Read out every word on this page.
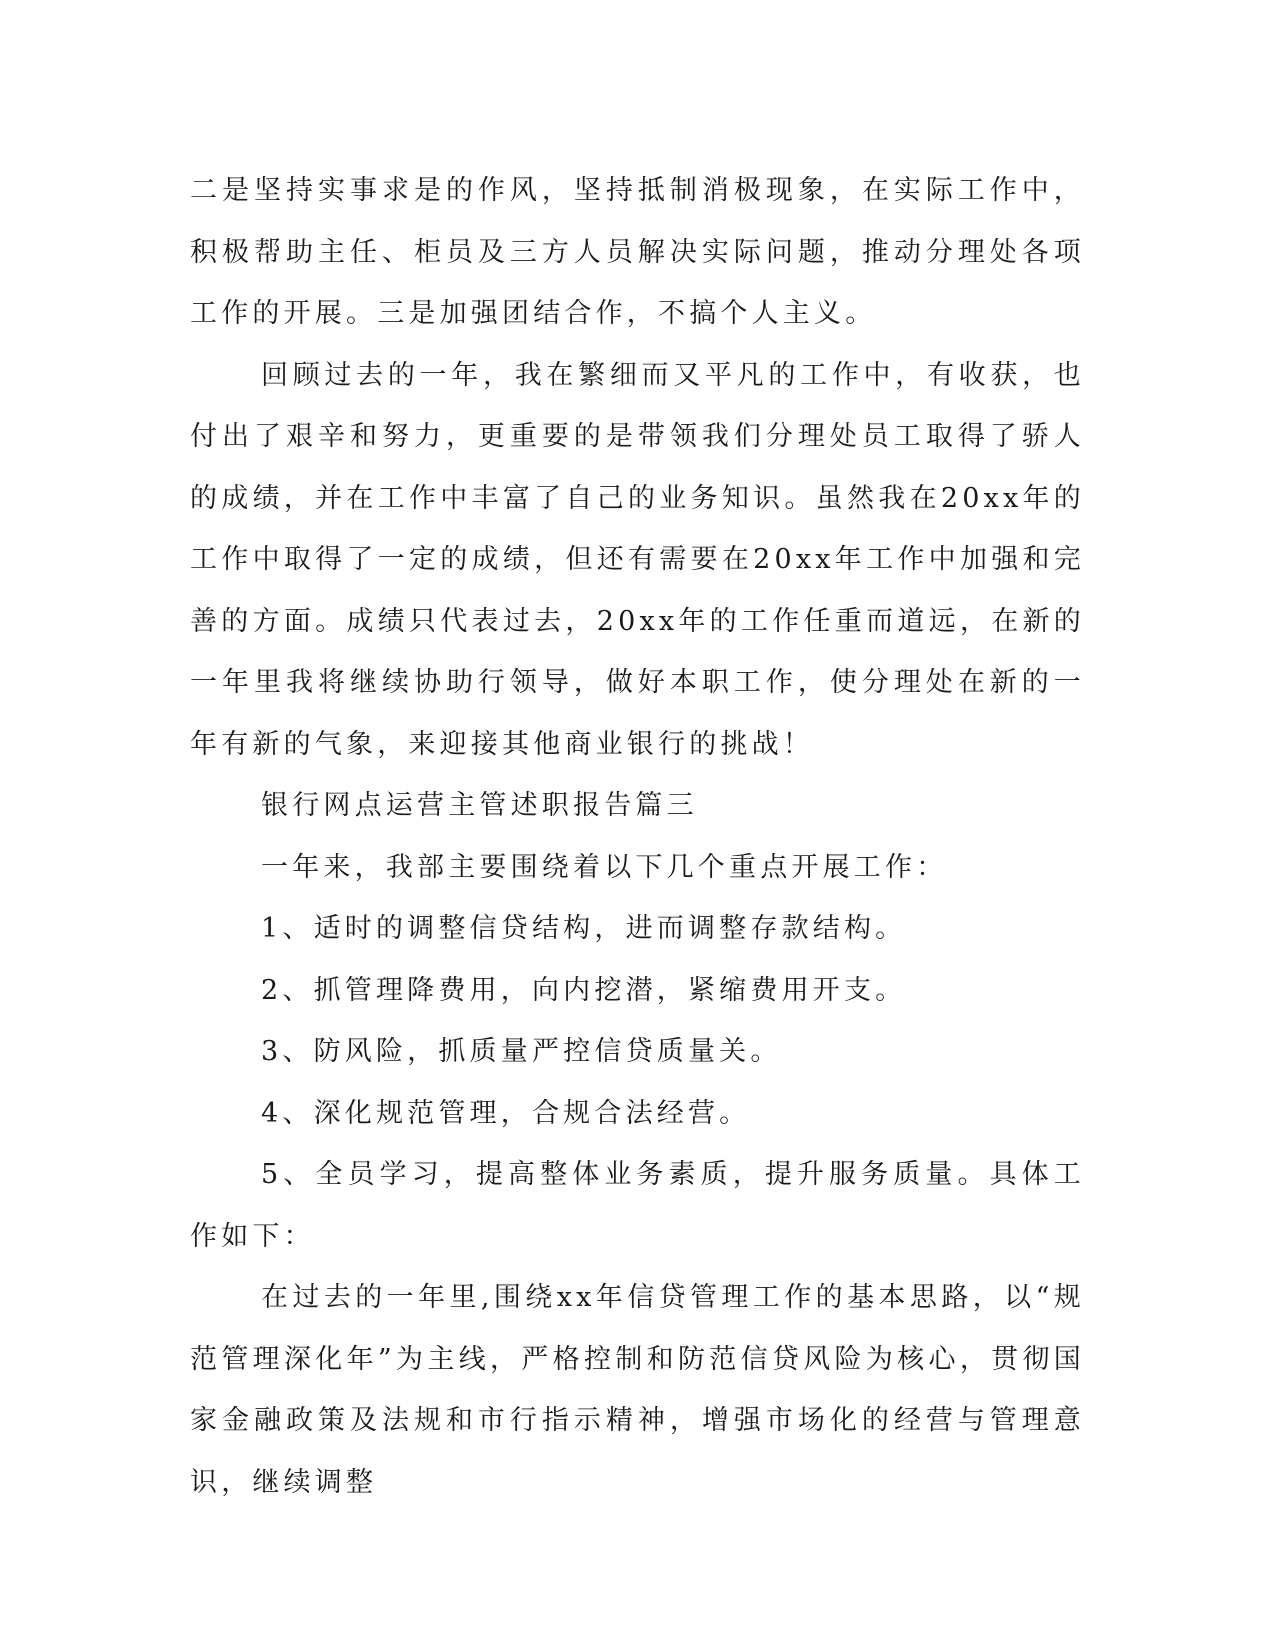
二是坚持实事求是的作风，坚持抵制消极现象，在实际工作中，积极帮助主任、柜员及三方人员解决实际问题，推动分理处各项工作的开展。三是加强团结合作，不搞个人主义。

回顾过去的一年，我在繁细而又平凡的工作中，有收获，也付出了艰辛和努力，更重要的是带领我们分理处员工取得了骄人的成绩，并在工作中丰富了自己的业务知识。虽然我在20xx年的工作中取得了一定的成绩，但还有需要在20xx年工作中加强和完善的方面。成绩只代表过去，20xx年的工作任重而道远，在新的一年里我将继续协助行领导，做好本职工作，使分理处在新的一年有新的气象，来迎接其他商业银行的挑战！

银行网点运营主管述职报告篇三

一年来，我部主要围绕着以下几个重点开展工作：

1、适时的调整信贷结构，进而调整存款结构。

2、抓管理降费用，向内挖潜，紧缩费用开支。

3、防风险，抓质量严控信贷质量关。

4、深化规范管理，合规合法经营。

5、全员学习，提高整体业务素质，提升服务质量。具体工作如下：

在过去的一年里,围绕xx年信贷管理工作的基本思路，以“规范管理深化年”为主线，严格控制和防范信贷风险为核心，贯彻国家金融政策及法规和市行指示精神，增强市场化的经营与管理意识，继续调整
